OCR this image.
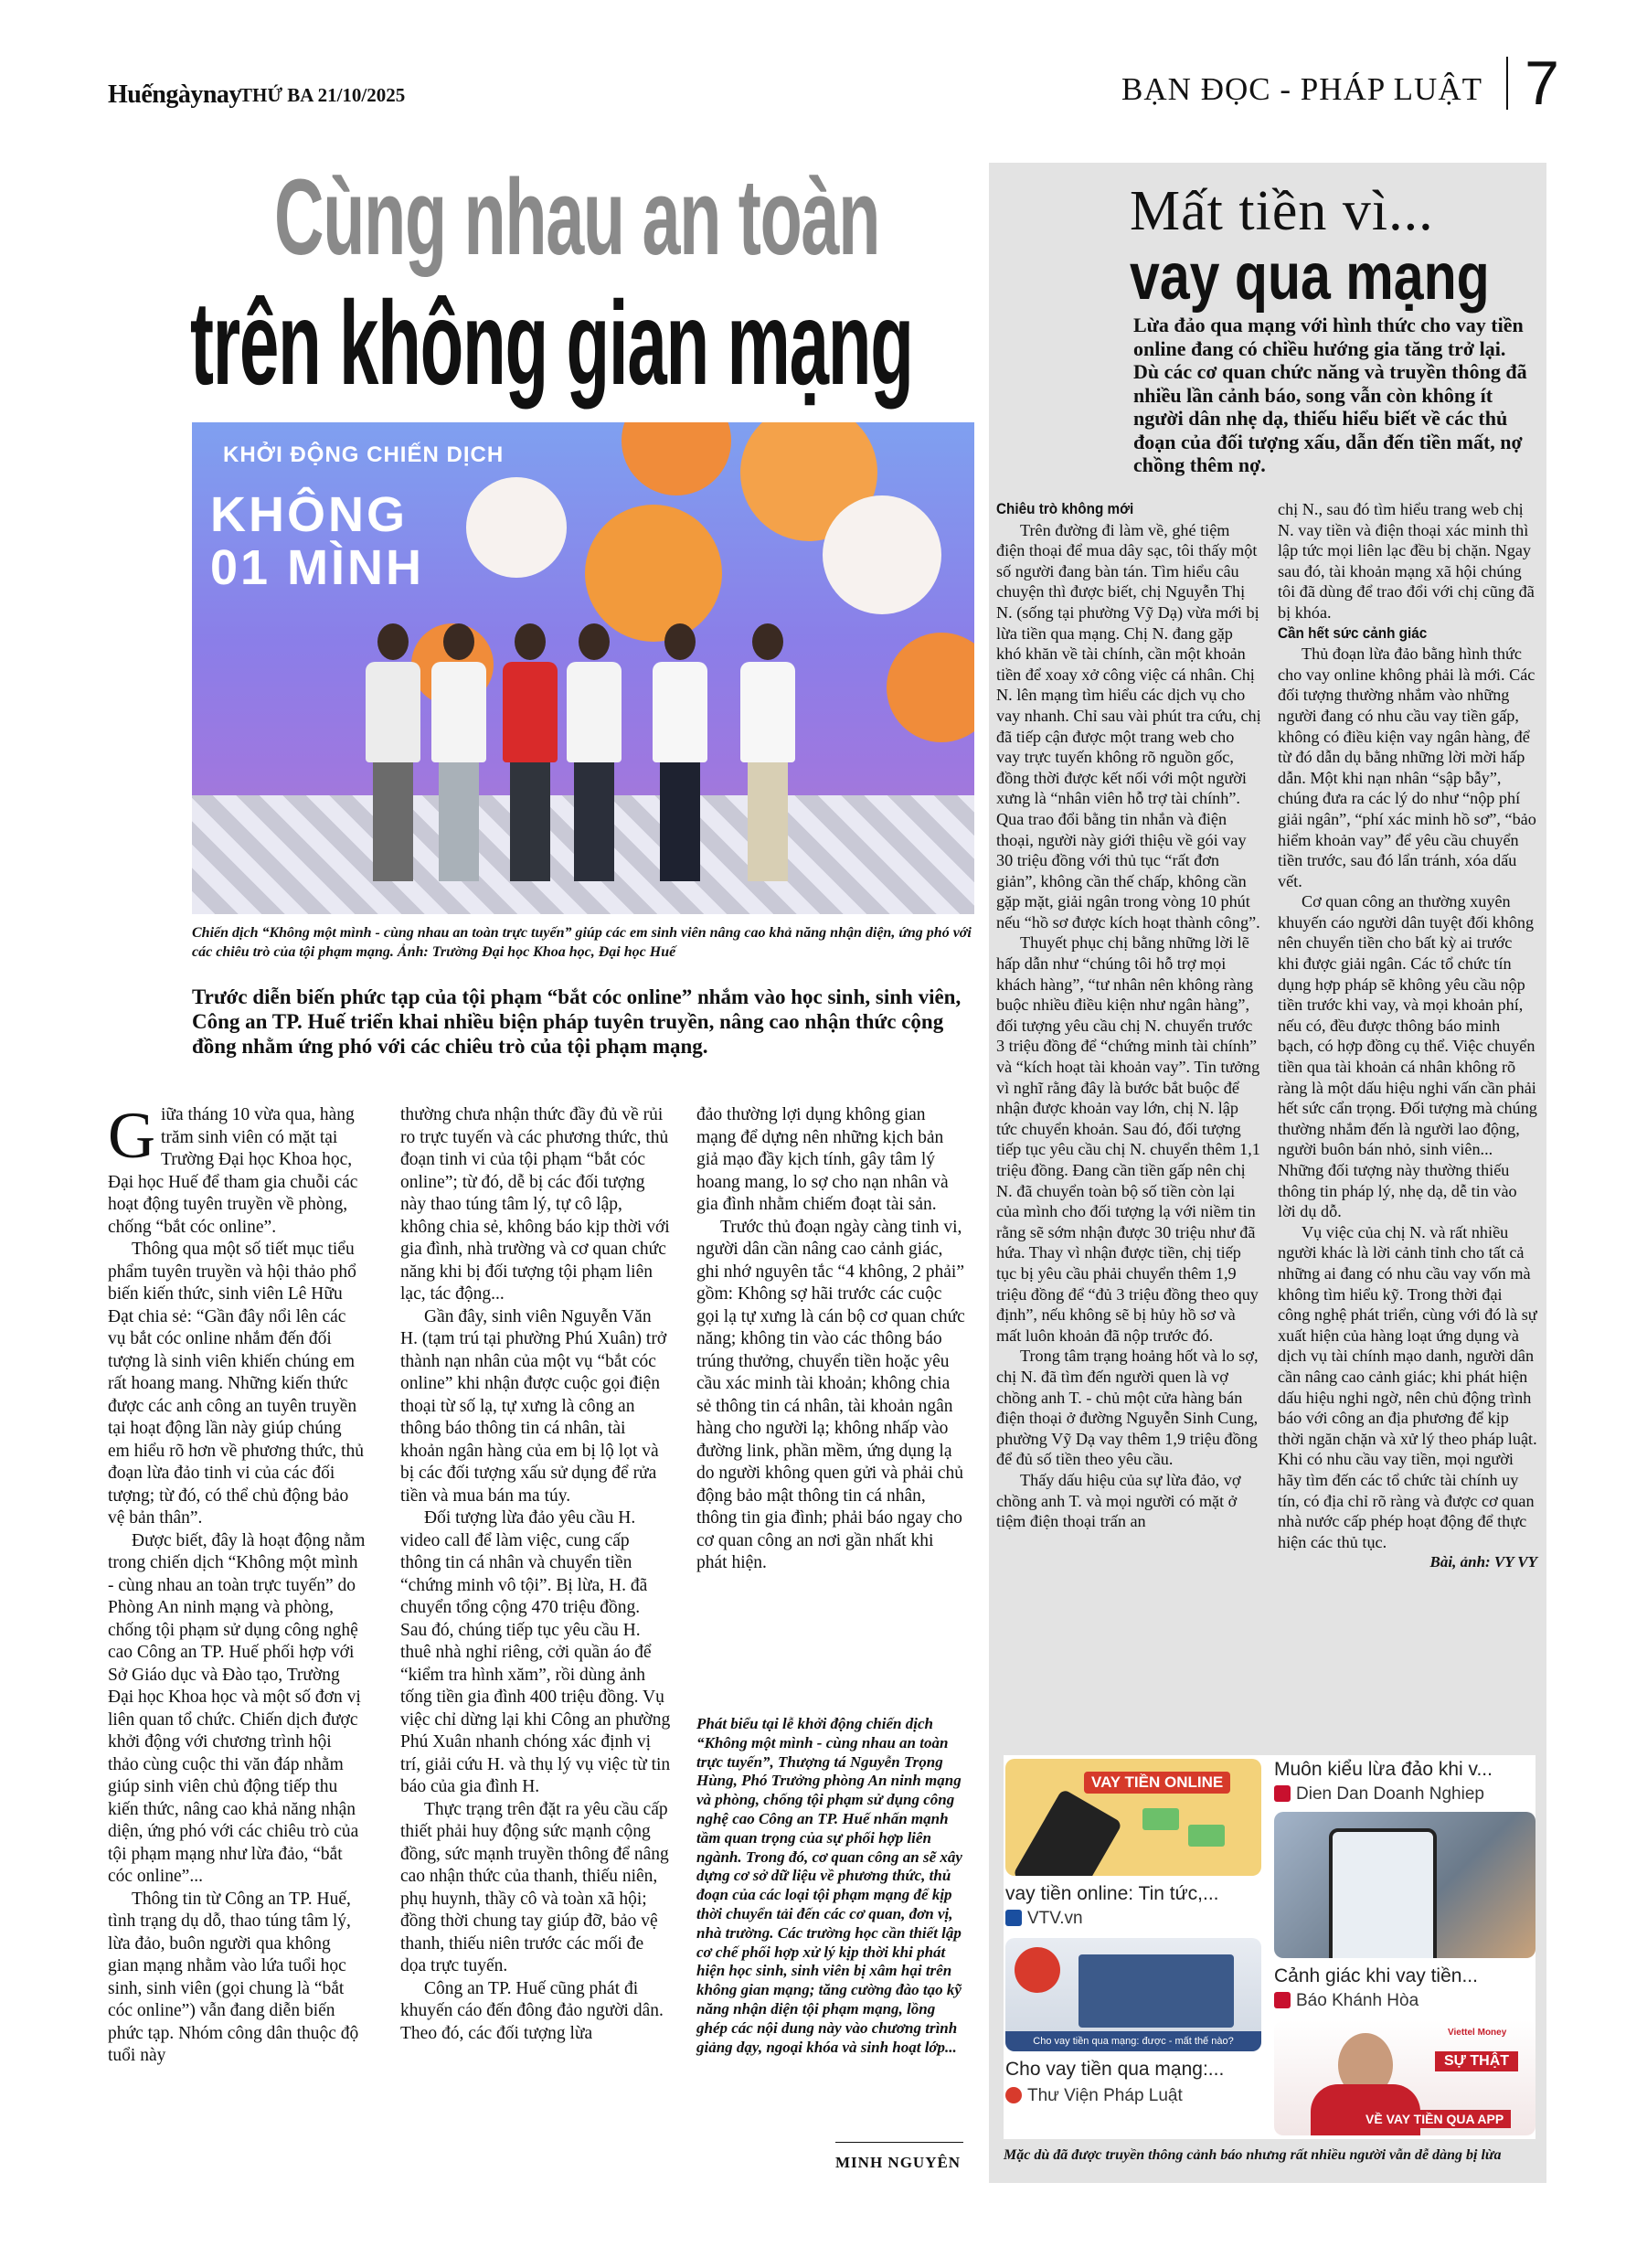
Huếngàynay
THỨ BA 21/10/2025	BẠN ĐỌC - PHÁP LUẬT 7
Cùng nhau an toàn
trên không gian mạng
KHỞI ĐỘNG CHIẾN DỊCH
KHÔNG
01 MÌNH
Chiến dịch “Không một mình - cùng nhau an toàn trực tuyến” giúp các em sinh viên nâng cao khả năng nhận diện, ứng phó với các chiêu trò của tội phạm mạng. Ảnh: Trường Đại học Khoa học, Đại học Huế
Trước diễn biến phức tạp của tội phạm “bắt cóc online” nhắm vào học sinh, sinh viên, Công an TP. Huế triển khai nhiều biện pháp tuyên truyền, nâng cao nhận thức cộng đồng nhằm ứng phó với các chiêu trò của tội phạm mạng.
G iữa tháng 10 vừa qua, hàng trăm sinh viên có mặt tại Trường Đại học Khoa học, Đại học Huế để tham gia chuỗi các hoạt động tuyên truyền về phòng, chống “bắt cóc online”.

Thông qua một số tiết mục tiểu phẩm tuyên truyền và hội thảo phổ biến kiến thức, sinh viên Lê Hữu Đạt chia sẻ: “Gần đây nổi lên các vụ bắt cóc online nhắm đến đối tượng là sinh viên khiến chúng em rất hoang mang. Những kiến thức được các anh công an tuyên truyền tại hoạt động lần này giúp chúng em hiểu rõ hơn về phương thức, thủ đoạn lừa đảo tinh vi của các đối tượng; từ đó, có thể chủ động bảo vệ bản thân”.

Được biết, đây là hoạt động nằm trong chiến dịch “Không một mình - cùng nhau an toàn trực tuyến” do Phòng An ninh mạng và phòng, chống tội phạm sử dụng công nghệ cao Công an TP. Huế phối hợp với Sở Giáo dục và Đào tạo, Trường Đại học Khoa học và một số đơn vị liên quan tổ chức. Chiến dịch được khởi động với chương trình hội thảo cùng cuộc thi văn đáp nhằm giúp sinh viên chủ động tiếp thu kiến thức, nâng cao khả năng nhận diện, ứng phó với các chiêu trò của tội phạm mạng như lừa đảo, “bắt cóc online”...

Thông tin từ Công an TP. Huế, tình trạng dụ dỗ, thao túng tâm lý, lừa đảo, buôn người qua không gian mạng nhằm vào lứa tuổi học sinh, sinh viên (gọi chung là “bắt cóc online”) vẫn đang diễn biến phức tạp. Nhóm công dân thuộc độ tuổi này

thường chưa nhận thức đầy đủ về rủi ro trực tuyến và các phương thức, thủ đoạn tinh vi của tội phạm “bắt cóc online”; từ đó, dễ bị các đối tượng này thao túng tâm lý, tự cô lập, không chia sẻ, không báo kịp thời với gia đình, nhà trường và cơ quan chức năng khi bị đối tượng tội phạm liên lạc, tác động...

Gần đây, sinh viên Nguyễn Văn H. (tạm trú tại phường Phú Xuân) trở thành nạn nhân của một vụ “bắt cóc online” khi nhận được cuộc gọi điện thoại từ số lạ, tự xưng là công an thông báo thông tin cá nhân, tài khoản ngân hàng của em bị lộ lọt và bị các đối tượng xấu sử dụng để rửa tiền và mua bán ma túy.

Đối tượng lừa đảo yêu cầu H. video call để làm việc, cung cấp thông tin cá nhân và chuyển tiền “chứng minh vô tội”. Bị lừa, H. đã chuyển tổng cộng 470 triệu đồng. Sau đó, chúng tiếp tục yêu cầu H. thuê nhà nghỉ riêng, cởi quần áo để “kiểm tra hình xăm”, rồi dùng ảnh tống tiền gia đình 400 triệu đồng. Vụ việc chỉ dừng lại khi Công an phường Phú Xuân nhanh chóng xác định vị trí, giải cứu H. và thụ lý vụ việc từ tin báo của gia đình H.

Thực trạng trên đặt ra yêu cầu cấp thiết phải huy động sức mạnh cộng đồng, sức mạnh truyền thông để nâng cao nhận thức của thanh, thiếu niên, phụ huynh, thầy cô và toàn xã hội; đồng thời chung tay giúp đỡ, bảo vệ thanh, thiếu niên trước các mối đe dọa trực tuyến.

Công an TP. Huế cũng phát đi khuyến cáo đến đông đảo người dân. Theo đó, các đối tượng lừa

đảo thường lợi dụng không gian mạng để dựng nên những kịch bản giả mạo đầy kịch tính, gây tâm lý hoang mang, lo sợ cho nạn nhân và gia đình nhằm chiếm đoạt tài sản.

Trước thủ đoạn ngày càng tinh vi, người dân cần nâng cao cảnh giác, ghi nhớ nguyên tắc “4 không, 2 phải” gồm: Không sợ hãi trước các cuộc gọi lạ tự xưng là cán bộ cơ quan chức năng; không tin vào các thông báo trúng thưởng, chuyển tiền hoặc yêu cầu xác minh tài khoản; không chia sẻ thông tin cá nhân, tài khoản ngân hàng cho người lạ; không nhấp vào đường link, phần mềm, ứng dụng lạ do người không quen gửi và phải chủ động bảo mật thông tin cá nhân, thông tin gia đình; phải báo ngay cho cơ quan công an nơi gần nhất khi phát hiện.

Phát biểu tại lễ khởi động chiến dịch “Không một mình - cùng nhau an toàn trực tuyến”, Thượng tá Nguyễn Trọng Hùng, Phó Trưởng phòng An ninh mạng và phòng, chống tội phạm sử dụng công nghệ cao Công an TP. Huế nhấn mạnh tầm quan trọng của sự phối hợp liên ngành. Trong đó, cơ quan công an sẽ xây dựng cơ sở dữ liệu về phương thức, thủ đoạn của các loại tội phạm mạng để kịp thời chuyển tải đến các cơ quan, đơn vị, nhà trường. Các trường học cần thiết lập cơ chế phối hợp xử lý kịp thời khi phát hiện học sinh, sinh viên bị xâm hại trên không gian mạng; tăng cường đào tạo kỹ năng nhận diện tội phạm mạng, lồng ghép các nội dung này vào chương trình giảng dạy, ngoại khóa và sinh hoạt lớp...
MINH NGUYÊN
Mất tiền vì...
vay qua mạng
Lừa đảo qua mạng với hình thức cho vay tiền online đang có chiều hướng gia tăng trở lại. Dù các cơ quan chức năng và truyền thông đã nhiều lần cảnh báo, song vẫn còn không ít người dân nhẹ dạ, thiếu hiểu biết về các thủ đoạn của đối tượng xấu, dẫn đến tiền mất, nợ chồng thêm nợ.

Chiêu trò không mới

Trên đường đi làm về, ghé tiệm điện thoại để mua dây sạc, tôi thấy một số người đang bàn tán. Tìm hiểu câu chuyện thì được biết, chị Nguyễn Thị N. (sống tại phường Vỹ Dạ) vừa mới bị lừa tiền qua mạng. Chị N. đang gặp khó khăn về tài chính, cần một khoản tiền để xoay xở công việc cá nhân. Chị N. lên mạng tìm hiểu các dịch vụ cho vay nhanh. Chỉ sau vài phút tra cứu, chị đã tiếp cận được một trang web cho vay trực tuyến không rõ nguồn gốc, đồng thời được kết nối với một người xưng là “nhân viên hỗ trợ tài chính”. Qua trao đổi bằng tin nhắn và điện thoại, người này giới thiệu về gói vay 30 triệu đồng với thủ tục “rất đơn giản”, không cần thế chấp, không cần gặp mặt, giải ngân trong vòng 10 phút nếu “hồ sơ được kích hoạt thành công”.

Thuyết phục chị bằng những lời lẽ hấp dẫn như “chúng tôi hỗ trợ mọi khách hàng”, “tư nhân nên không ràng buộc nhiều điều kiện như ngân hàng”, đối tượng yêu cầu chị N. chuyển trước 3 triệu đồng để “chứng minh tài chính” và “kích hoạt tài khoản vay”. Tin tưởng vì nghĩ rằng đây là bước bắt buộc để nhận được khoản vay lớn, chị N. lập tức chuyển khoản. Sau đó, đối tượng tiếp tục yêu cầu chị N. chuyển thêm 1,1 triệu đồng. Đang cần tiền gấp nên chị N. đã chuyển toàn bộ số tiền còn lại của mình cho đối tượng lạ với niềm tin rằng sẽ sớm nhận được 30 triệu như đã hứa. Thay vì nhận được tiền, chị tiếp tục bị yêu cầu phải chuyển thêm 1,9 triệu đồng để “đủ 3 triệu đồng theo quy định”, nếu không sẽ bị hủy hồ sơ và mất luôn khoản đã nộp trước đó.

Trong tâm trạng hoảng hốt và lo sợ, chị N. đã tìm đến người quen là vợ chồng anh T. - chủ một cửa hàng bán điện thoại ở đường Nguyễn Sinh Cung, phường Vỹ Dạ vay thêm 1,9 triệu đồng để đủ số tiền theo yêu cầu.

Thấy dấu hiệu của sự lừa đảo, vợ chồng anh T. và mọi người có mặt ở tiệm điện thoại trấn an

chị N., sau đó tìm hiểu trang web chị N. vay tiền và điện thoại xác minh thì lập tức mọi liên lạc đều bị chặn. Ngay sau đó, tài khoản mạng xã hội chúng tôi đã dùng để trao đổi với chị cũng đã bị khóa.

Cần hết sức cảnh giác

Thủ đoạn lừa đảo bằng hình thức cho vay online không phải là mới. Các đối tượng thường nhắm vào những người đang có nhu cầu vay tiền gấp, không có điều kiện vay ngân hàng, để từ đó dẫn dụ bằng những lời mời hấp dẫn. Một khi nạn nhân “sập bẫy”, chúng đưa ra các lý do như “nộp phí giải ngân”, “phí xác minh hồ sơ”, “bảo hiểm khoản vay” để yêu cầu chuyển tiền trước, sau đó lẩn tránh, xóa dấu vết.

Cơ quan công an thường xuyên khuyến cáo người dân tuyệt đối không nên chuyển tiền cho bất kỳ ai trước khi được giải ngân. Các tổ chức tín dụng hợp pháp sẽ không yêu cầu nộp tiền trước khi vay, và mọi khoản phí, nếu có, đều được thông báo minh bạch, có hợp đồng cụ thể. Việc chuyển tiền qua tài khoản cá nhân không rõ ràng là một dấu hiệu nghi vấn cần phải hết sức cẩn trọng. Đối tượng mà chúng thường nhắm đến là người lao động, người buôn bán nhỏ, sinh viên... Những đối tượng này thường thiếu thông tin pháp lý, nhẹ dạ, dễ tin vào lời dụ dỗ.

Vụ việc của chị N. và rất nhiều người khác là lời cảnh tỉnh cho tất cả những ai đang có nhu cầu vay vốn mà không tìm hiểu kỹ. Trong thời đại công nghệ phát triển, cùng với đó là sự xuất hiện của hàng loạt ứng dụng và dịch vụ tài chính mạo danh, người dân cần nâng cao cảnh giác; khi phát hiện dấu hiệu nghi ngờ, nên chủ động trình báo với công an địa phương để kịp thời ngăn chặn và xử lý theo pháp luật. Khi có nhu cầu vay tiền, mọi người hãy tìm đến các tổ chức tài chính uy tín, có địa chỉ rõ ràng và được cơ quan nhà nước cấp phép hoạt động để thực hiện các thủ tục.

Bài, ảnh: VY VY

VAY TIỀN ONLINE
vay tiền online: Tin tức,...
VTV.vn
Muôn kiểu lừa đảo khi v...
Dien Dan Doanh Nghiep
Cảnh giác khi vay tiền...
Báo Khánh Hòa
Cho vay tiền qua mạng: được - mất thế nào?
Cho vay tiền qua mạng:...
Thư Viện Pháp Luật
Viettel Money
SỰ THẬT
VỀ VAY TIỀN QUA APP
Mặc dù đã được truyền thông cảnh báo nhưng rất nhiều người vẫn dễ dàng bị lừa
